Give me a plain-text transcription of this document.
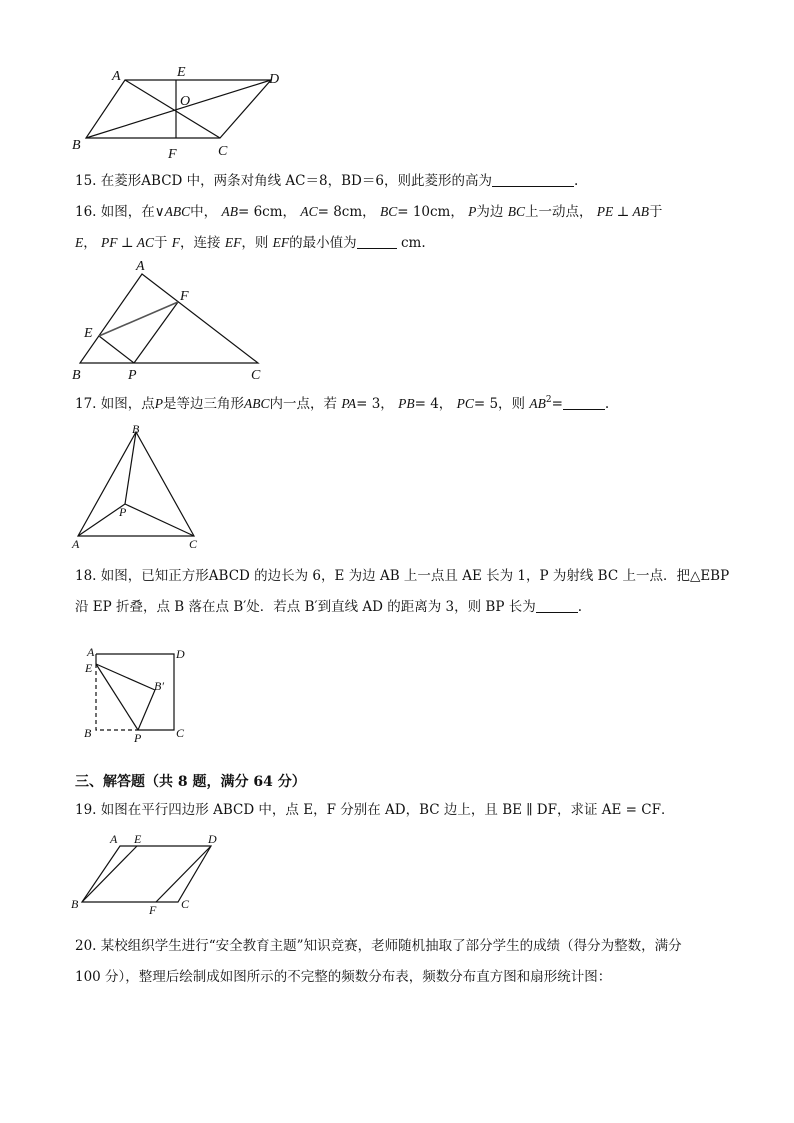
A	E	D
O
B
F	C
15. 在菱形ABCD 中，两条对角线 AC＝8，BD＝6，则此菱形的高为	.
16. 如图，在∨ABC中， AB= 6cm， AC= 8cm， BC= 10cm， P为边 BC上一动点， PE ⊥ AB于
E， PF ⊥ AC于 F，连接 EF，则 EF的最小值为	cm.
A
F
E
B	P	C
17. 如图，点P是等边三角形ABC内一点，若 PA= 3， PB= 4， PC= 5，则 $AB^2=$	.
B
P
A	C
18. 如图，已知正方形ABCD 的边长为 6，E 为边 AB 上一点且 AE 长为 1，P 为射线 BC 上一点．把△EBP
沿 EP 折叠，点 B 落在点 B′处．若点 B′到直线 AD 的距离为 3，则 BP 长为	.
A	D
E
B′
B	P	C
三、解答题（共 8 题，满分 64 分）
19. 如图在平行四边形 ABCD 中，点 E，F 分别在 AD，BC 边上，且 BE ∥ DF，求证 AE = CF．
A E	D
B	F C
20. 某校组织学生进行“安全教育主题”知识竞赛，老师随机抽取了部分学生的成绩（得分为整数，满分
100 分），整理后绘制成如图所示的不完整的频数分布表，频数分布直方图和扇形统计图：
